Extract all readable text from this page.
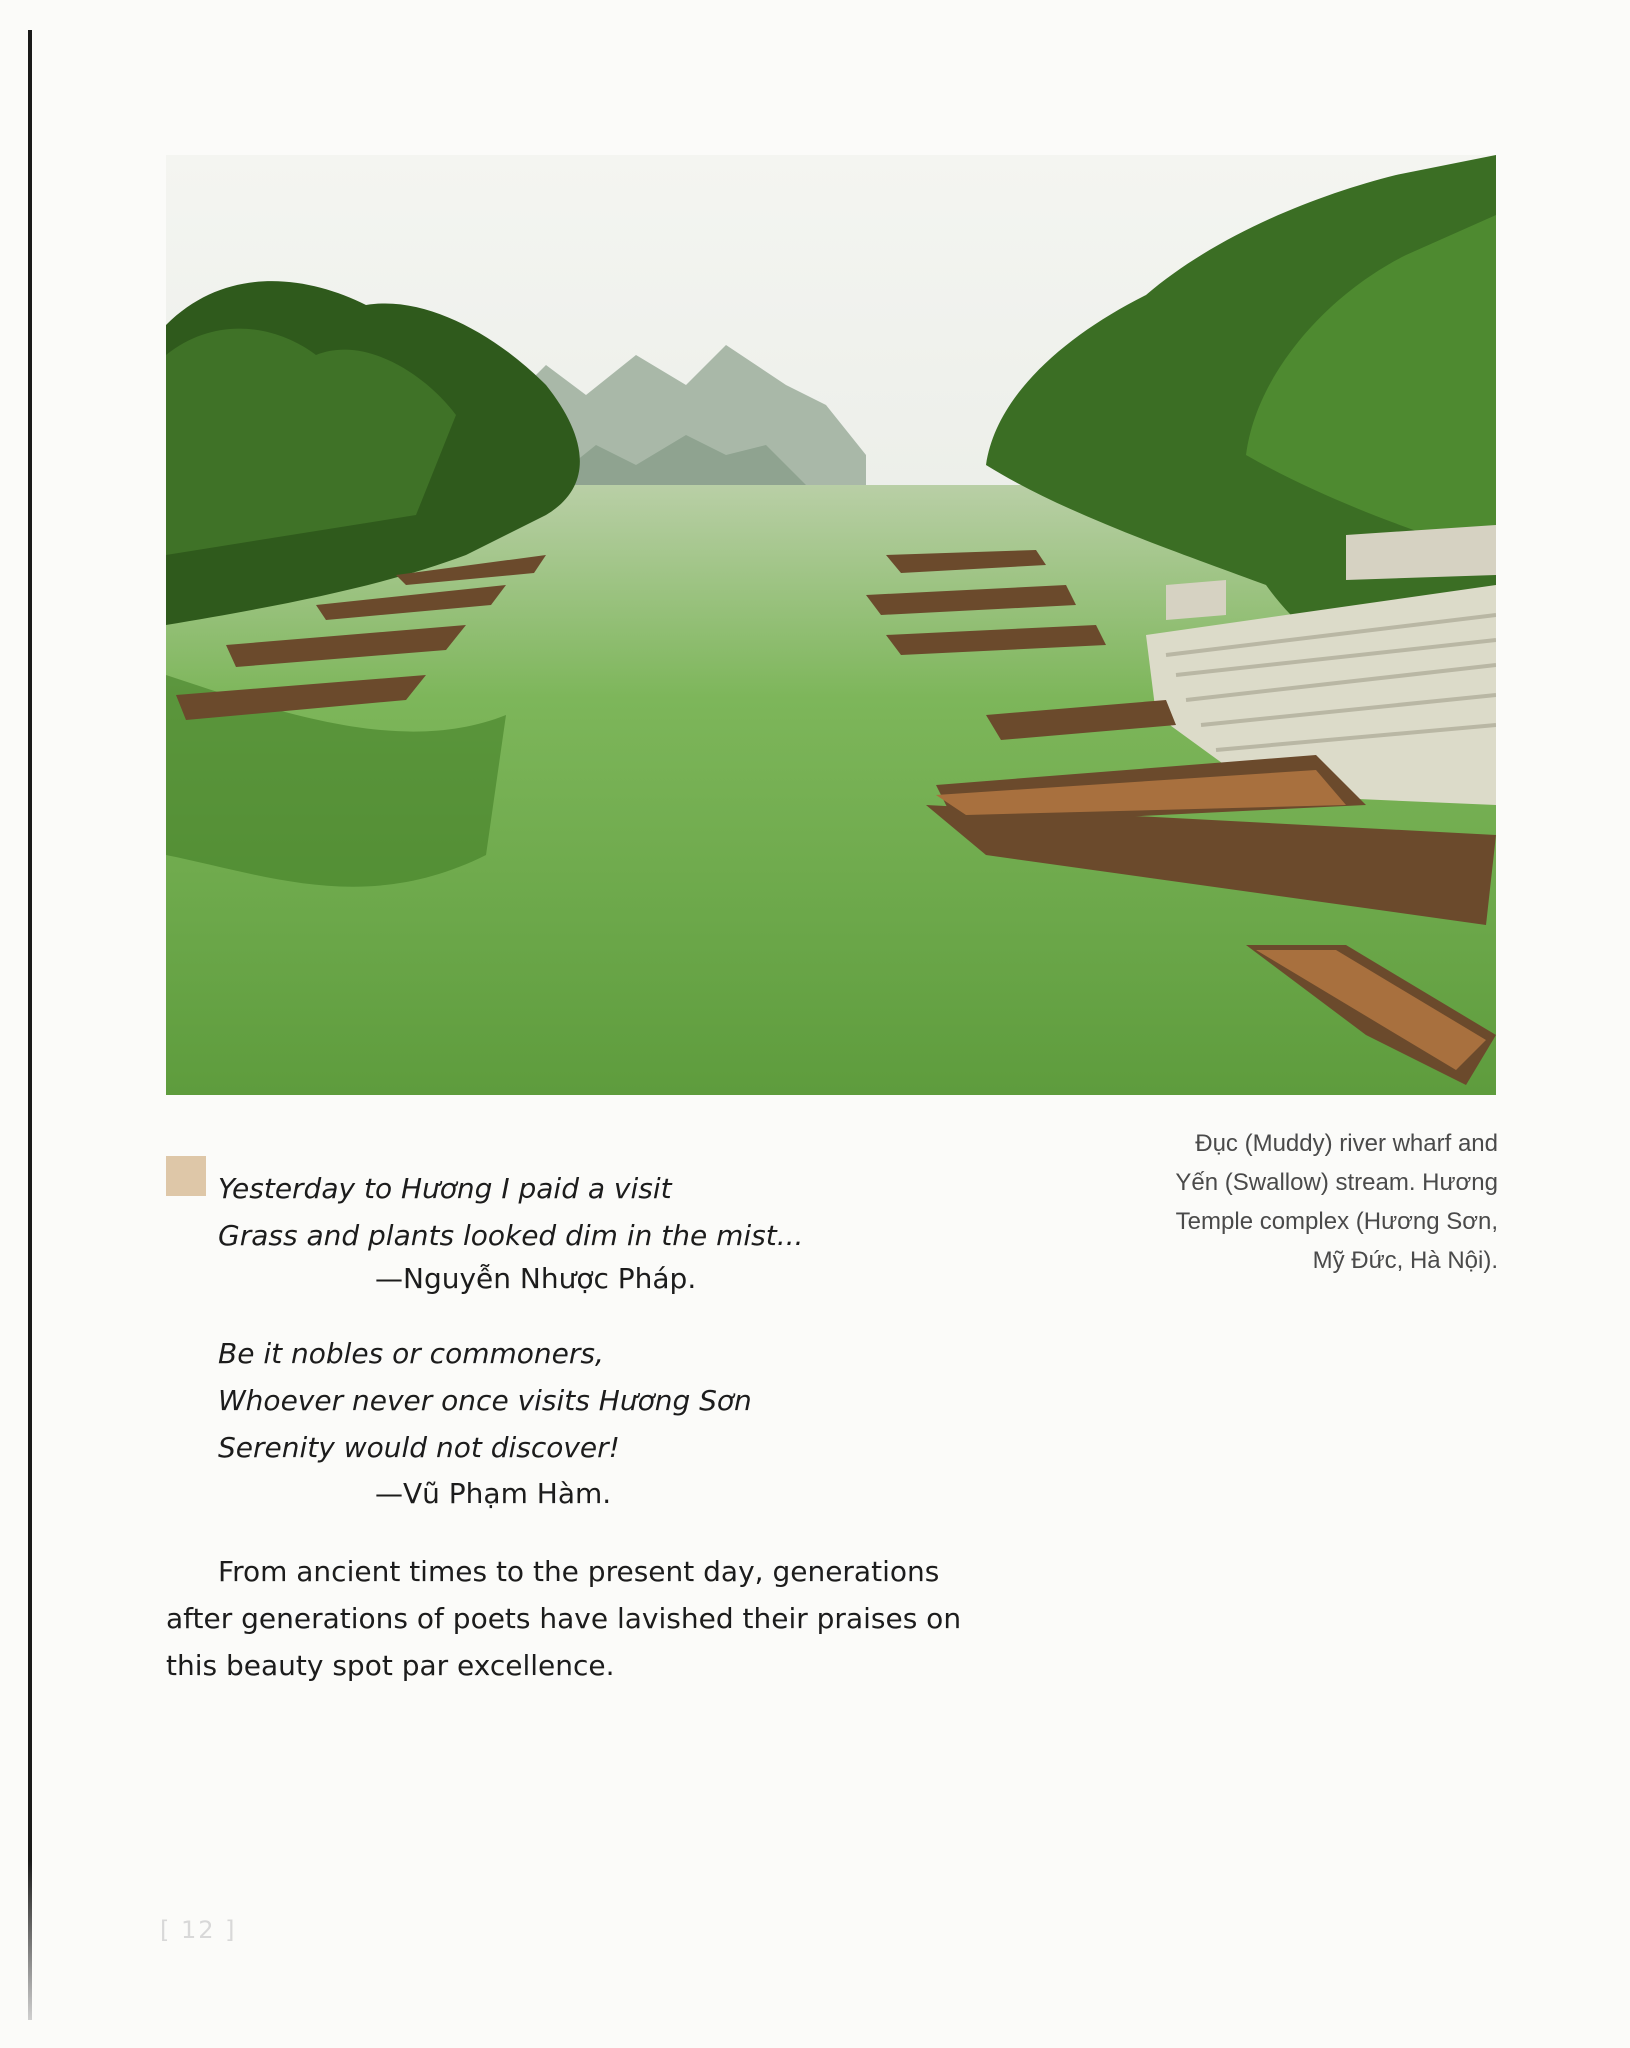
Đục (Muddy) river wharf and
Yến (Swallow) stream. Hương
Temple complex (Hương Sơn,
Mỹ Đức, Hà Nội).
Yesterday to Hương I paid a visit
Grass and plants looked dim in the mist...
—Nguyễn Nhược Pháp.
Be it nobles or commoners,
Whoever never once visits Hương Sơn
Serenity would not discover!
—Vũ Phạm Hàm.
From ancient times to the present day, generations
after generations of poets have lavished their praises on
this beauty spot par excellence.
[ 12 ]
